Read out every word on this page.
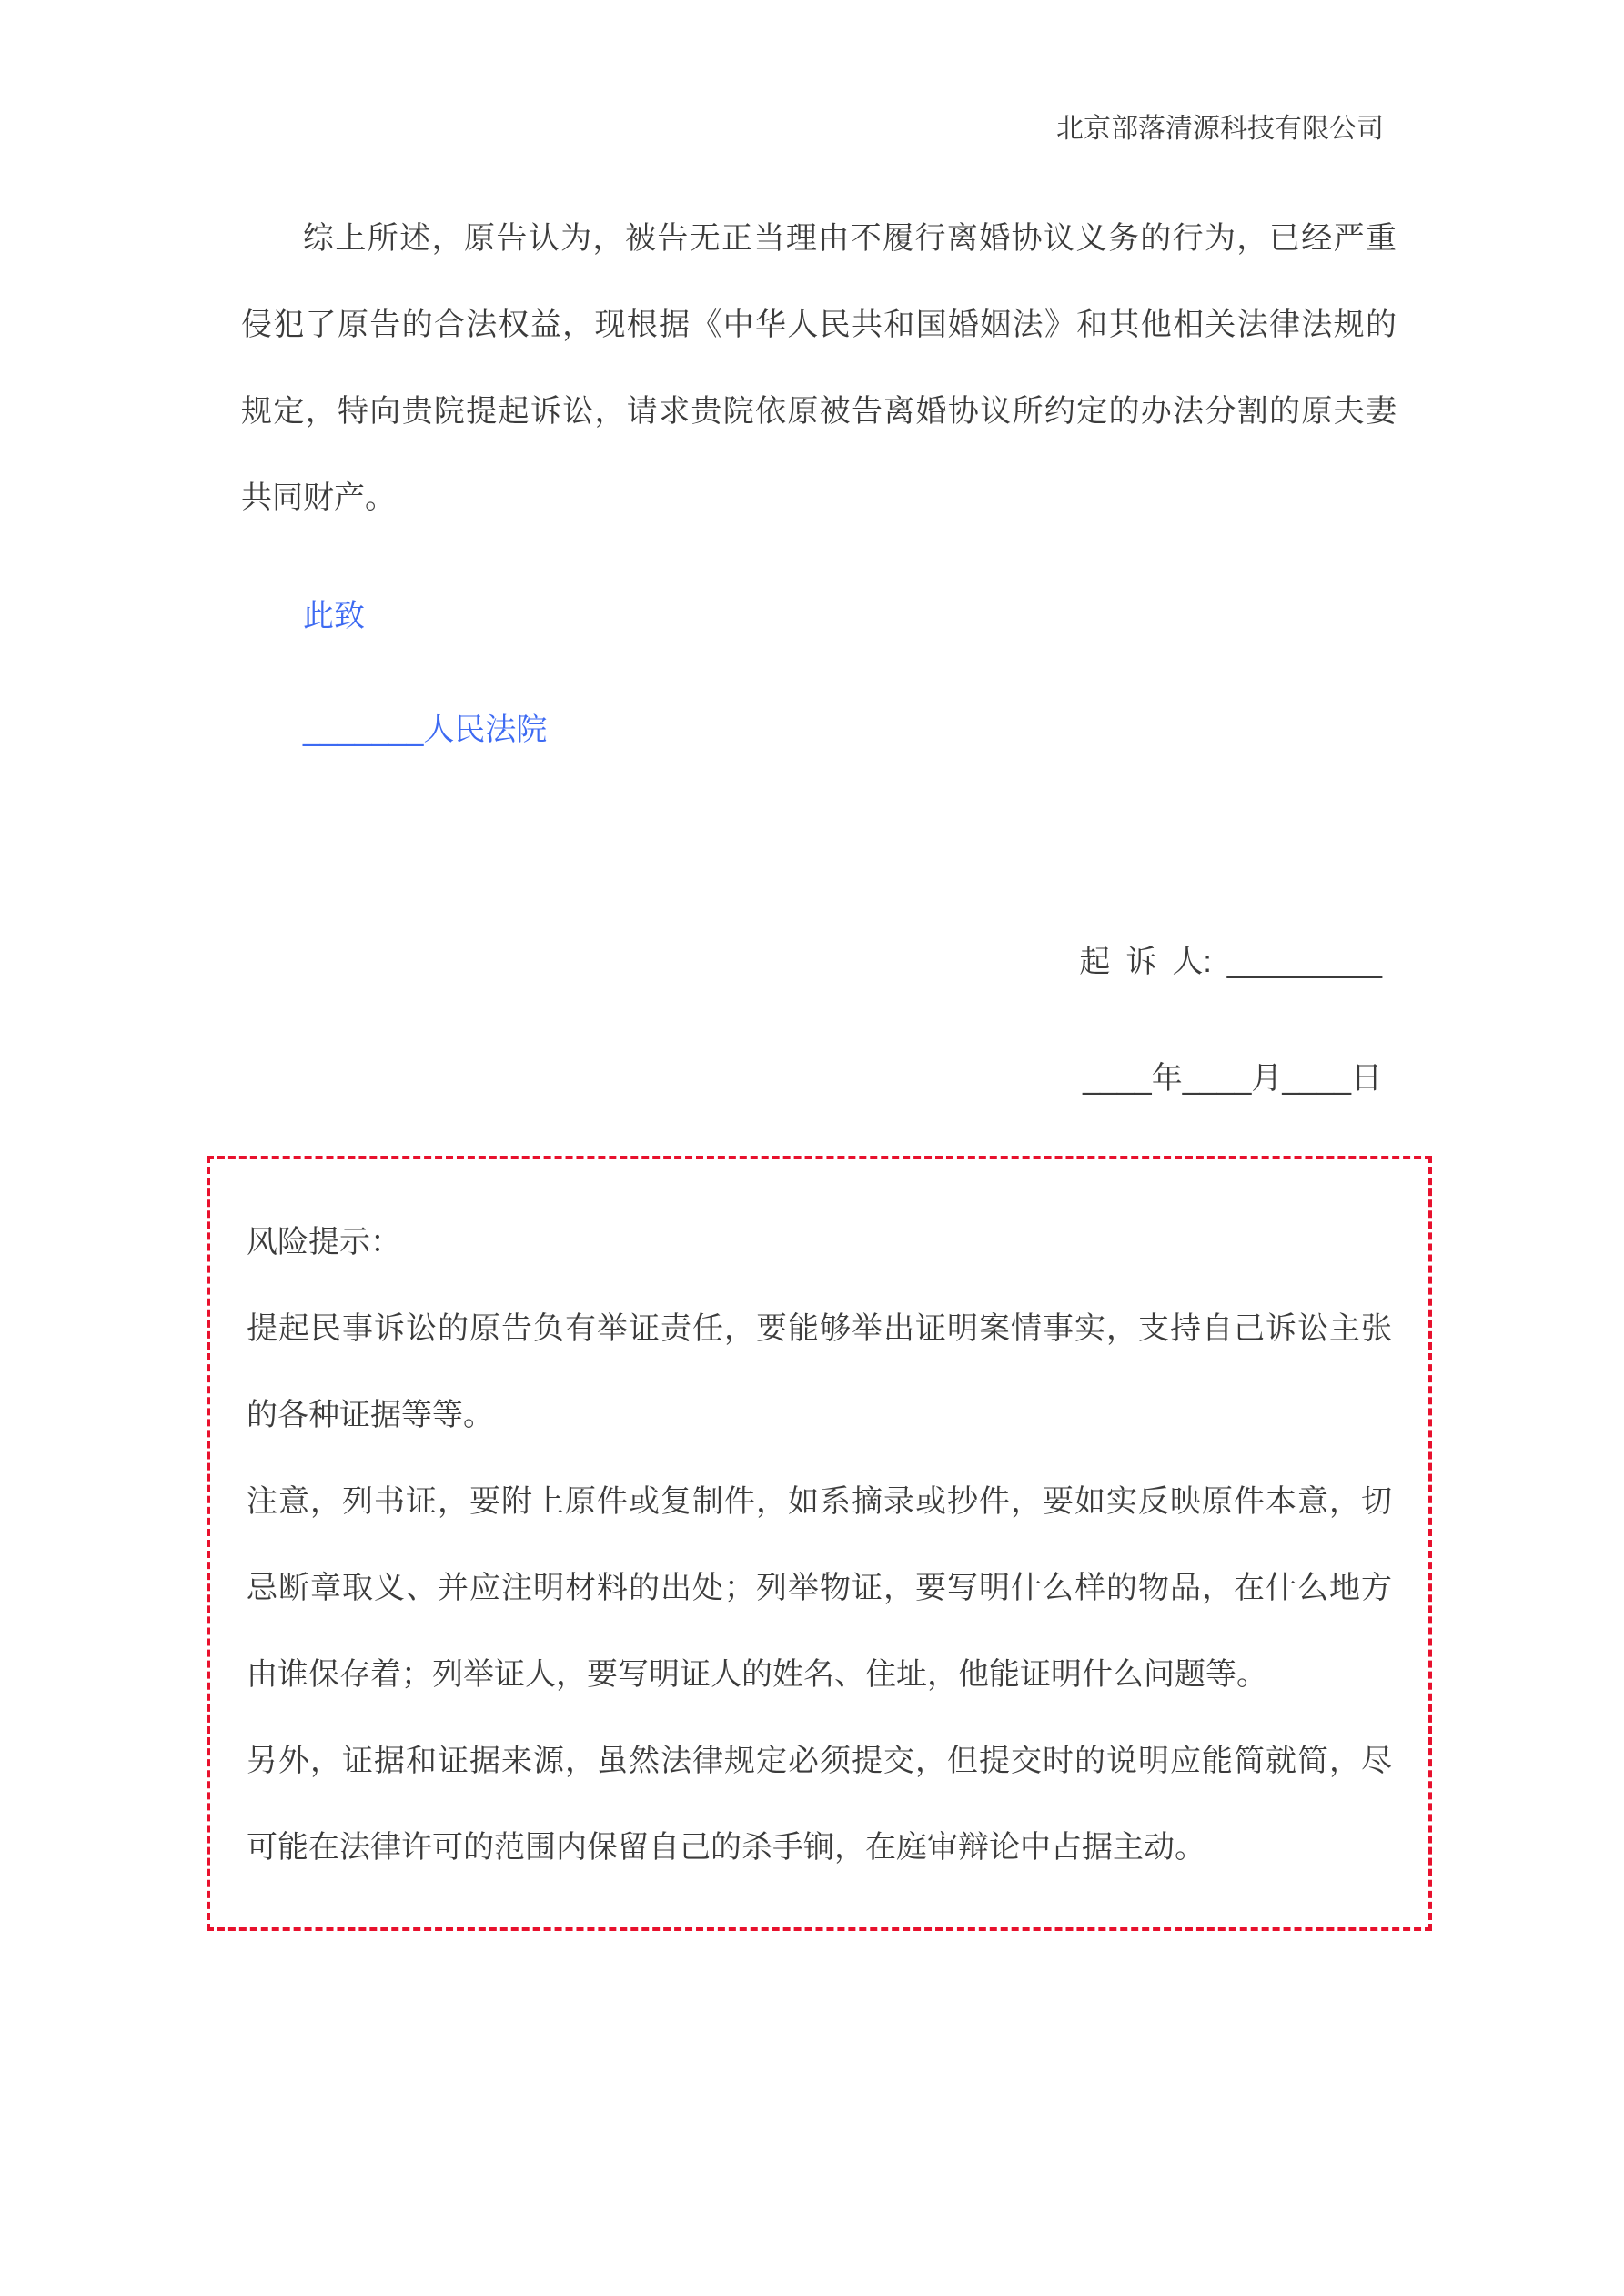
北京部落清源科技有限公司
综上所述，原告认为，被告无正当理由不履行离婚协议义务的行为，已经严重
侵犯了原告的合法权益，现根据《中华人民共和国婚姻法》和其他相关法律法规的
规定，特向贵院提起诉讼，请求贵院依原被告离婚协议所约定的办法分割的原夫妻
共同财产。
此致
_______人民法院
起 诉 人: _________
____年____月____日
风险提示：
提起民事诉讼的原告负有举证责任，要能够举出证明案情事实，支持自己诉讼主张
的各种证据等等。
注意，列书证，要附上原件或复制件，如系摘录或抄件，要如实反映原件本意，切
忌断章取义、并应注明材料的出处；列举物证，要写明什么样的物品，在什么地方
由谁保存着；列举证人，要写明证人的姓名、住址，他能证明什么问题等。
另外，证据和证据来源，虽然法律规定必须提交，但提交时的说明应能简就简，尽
可能在法律许可的范围内保留自己的杀手锏，在庭审辩论中占据主动。
